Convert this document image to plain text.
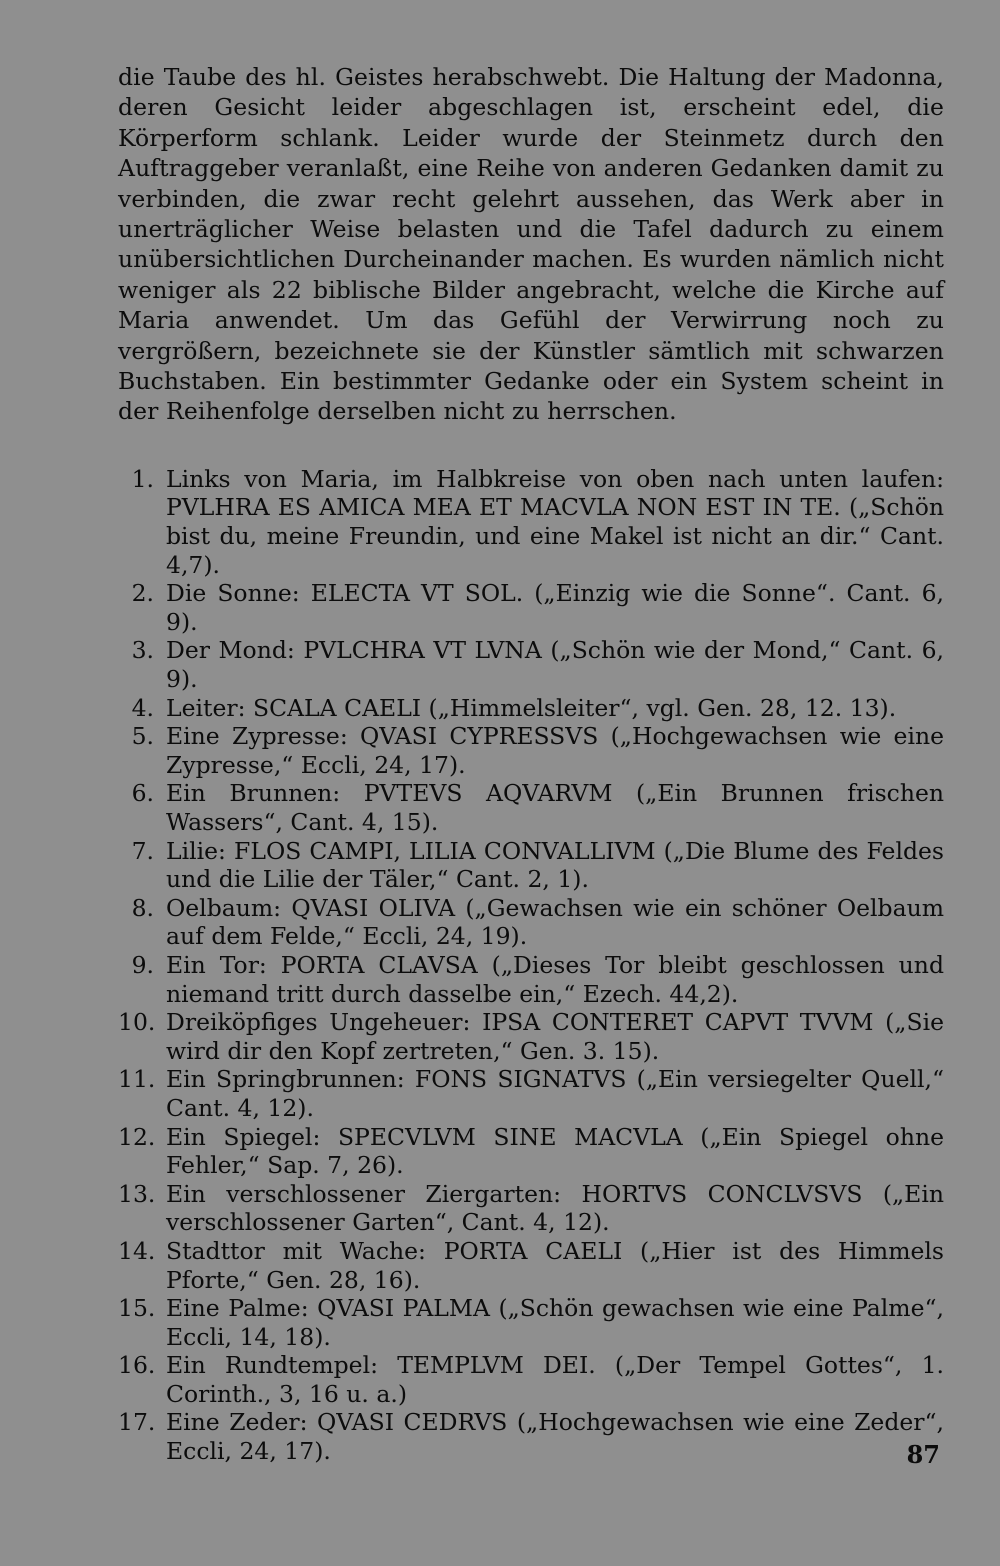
die Taube des hl. Geistes herabschwebt. Die Haltung der Madonna, deren Gesicht leider abgeschlagen ist, erscheint edel, die Körperform schlank. Leider wurde der Steinmetz durch den Auftraggeber veranlaßt, eine Reihe von anderen Gedanken damit zu verbinden, die zwar recht gelehrt aussehen, das Werk aber in unerträglicher Weise belasten und die Tafel dadurch zu einem unübersichtlichen Durcheinander machen. Es wurden nämlich nicht weniger als 22 biblische Bilder angebracht, welche die Kirche auf Maria anwendet. Um das Gefühl der Verwirrung noch zu vergrößern, bezeichnete sie der Künstler sämtlich mit schwarzen Buchstaben. Ein bestimmter Gedanke oder ein System scheint in der Reihenfolge derselben nicht zu herrschen.

1. Links von Maria, im Halbkreise von oben nach unten laufen: PVLHRA ES AMICA MEA ET MACVLA NON EST IN TE. („Schön bist du, meine Freundin, und eine Makel ist nicht an dir.“ Cant. 4,7).
2. Die Sonne: ELECTA VT SOL. („Einzig wie die Sonne“. Cant. 6, 9).
3. Der Mond: PVLCHRA VT LVNA („Schön wie der Mond,“ Cant. 6, 9).
4. Leiter: SCALA CAELI („Himmelsleiter“, vgl. Gen. 28, 12. 13).
5. Eine Zypresse: QVASI CYPRESSVS („Hochgewachsen wie eine Zypresse,“ Eccli, 24, 17).
6. Ein Brunnen: PVTEVS AQVARVM („Ein Brunnen frischen Wassers“, Cant. 4, 15).
7. Lilie: FLOS CAMPI, LILIA CONVALLIVM („Die Blume des Feldes und die Lilie der Täler,“ Cant. 2, 1).
8. Oelbaum: QVASI OLIVA („Gewachsen wie ein schöner Oelbaum auf dem Felde,“ Eccli, 24, 19).
9. Ein Tor: PORTA CLAVSA („Dieses Tor bleibt geschlossen und niemand tritt durch dasselbe ein,“ Ezech. 44,2).
10. Dreiköpfiges Ungeheuer: IPSA CONTERET CAPVT TVVM („Sie wird dir den Kopf zertreten,“ Gen. 3. 15).
11. Ein Springbrunnen: FONS SIGNATVS („Ein versiegelter Quell,“ Cant. 4, 12).
12. Ein Spiegel: SPECVLVM SINE MACVLA („Ein Spiegel ohne Fehler,“ Sap. 7, 26).
13. Ein verschlossener Ziergarten: HORTVS CONCLVSVS („Ein verschlossener Garten“, Cant. 4, 12).
14. Stadttor mit Wache: PORTA CAELI („Hier ist des Himmels Pforte,“ Gen. 28, 16).
15. Eine Palme: QVASI PALMA („Schön gewachsen wie eine Palme“, Eccli, 14, 18).
16. Ein Rundtempel: TEMPLVM DEI. („Der Tempel Gottes“, 1. Corinth., 3, 16 u. a.)
17. Eine Zeder: QVASI CEDRVS („Hochgewachsen wie eine Zeder“, Eccli, 24, 17).	87
